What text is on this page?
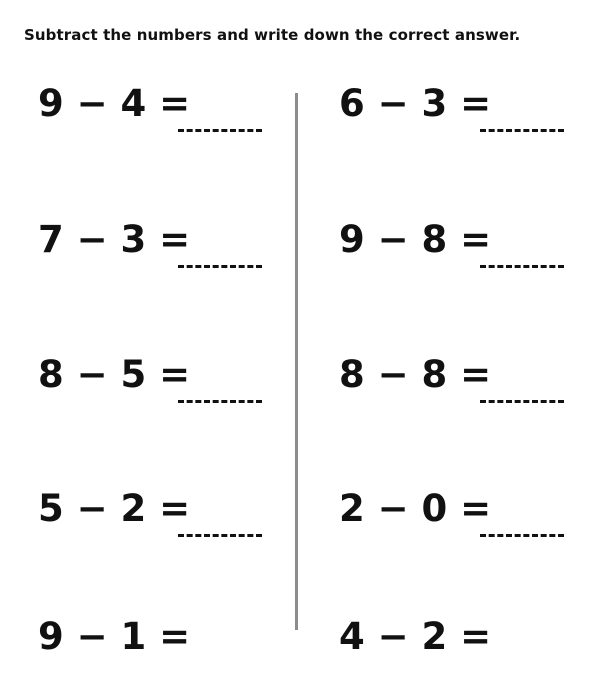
Subtract the numbers and write down the correct answer.
9 − 4 =	6 − 3 =
7 − 3 =	9 − 8 =
8 − 5 =	8 − 8 =
5 − 2 =	2 − 0 =
9 − 1 =	4 − 2 =
